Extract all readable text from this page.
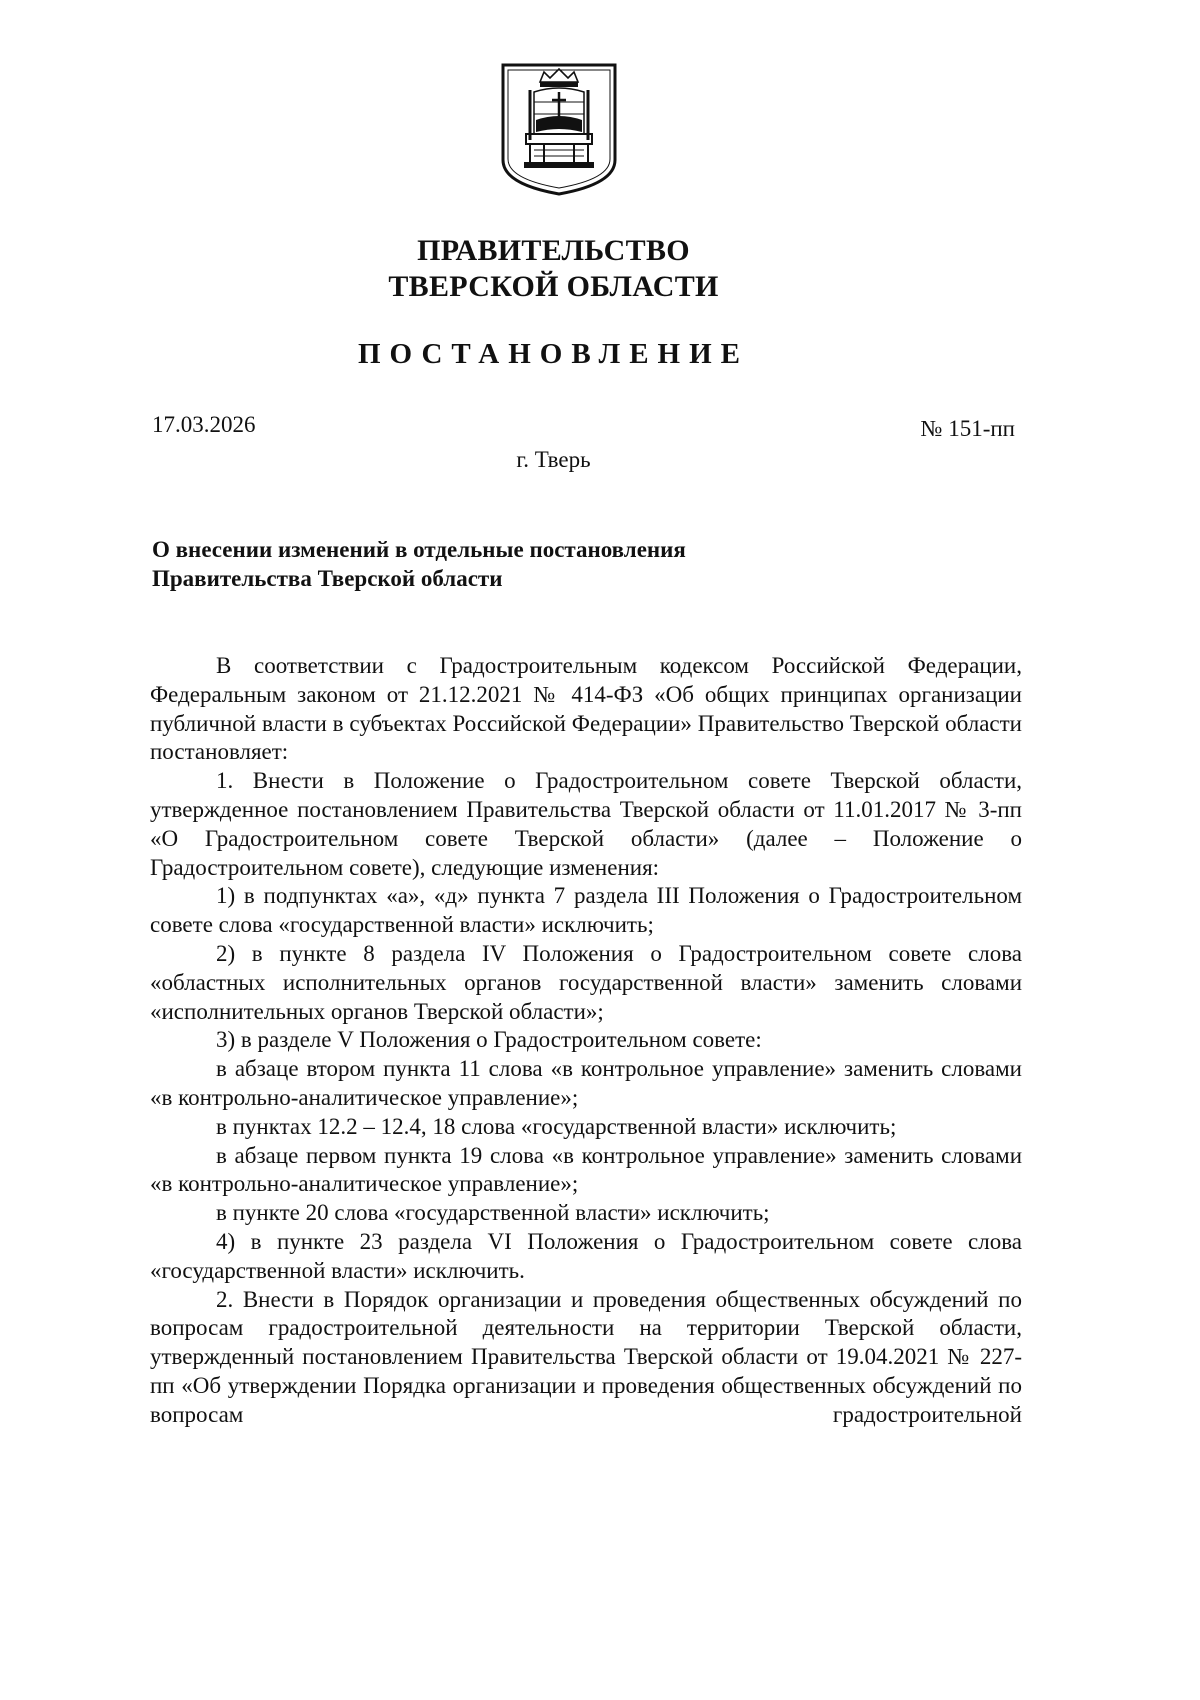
ПРАВИТЕЛЬСТВО
ТВЕРСКОЙ ОБЛАСТИ
ПОСТАНОВЛЕНИЕ
17.03.2026	№ 151-пп
г. Тверь
О внесении изменений в отдельные постановления
Правительства Тверской области

В соответствии с Градостроительным кодексом Российской Федерации, Федеральным законом от 21.12.2021 № 414-ФЗ «Об общих принципах организации публичной власти в субъектах Российской Федерации» Правительство Тверской области постановляет:

1. Внести в Положение о Градостроительном совете Тверской области, утвержденное постановлением Правительства Тверской области от 11.01.2017 № 3-пп «О Градостроительном совете Тверской области» (далее – Положение о Градостроительном совете), следующие изменения:

1) в подпунктах «а», «д» пункта 7 раздела III Положения о Градостроительном совете слова «государственной власти» исключить;

2) в пункте 8 раздела IV Положения о Градостроительном совете слова «областных исполнительных органов государственной власти» заменить словами «исполнительных органов Тверской области»;

3) в разделе V Положения о Градостроительном совете:

в абзаце втором пункта 11 слова «в контрольное управление» заменить словами «в контрольно-аналитическое управление»;

в пунктах 12.2 – 12.4, 18 слова «государственной власти» исключить;

в абзаце первом пункта 19 слова «в контрольное управление» заменить словами «в контрольно-аналитическое управление»;

в пункте 20 слова «государственной власти» исключить;

4) в пункте 23 раздела VI Положения о Градостроительном совете слова «государственной власти» исключить.

2. Внести в Порядок организации и проведения общественных обсуждений по вопросам градостроительной деятельности на территории Тверской области, утвержденный постановлением Правительства Тверской области от 19.04.2021 № 227-пп «Об утверждении Порядка организации и проведения общественных обсуждений по вопросам градостроительной
